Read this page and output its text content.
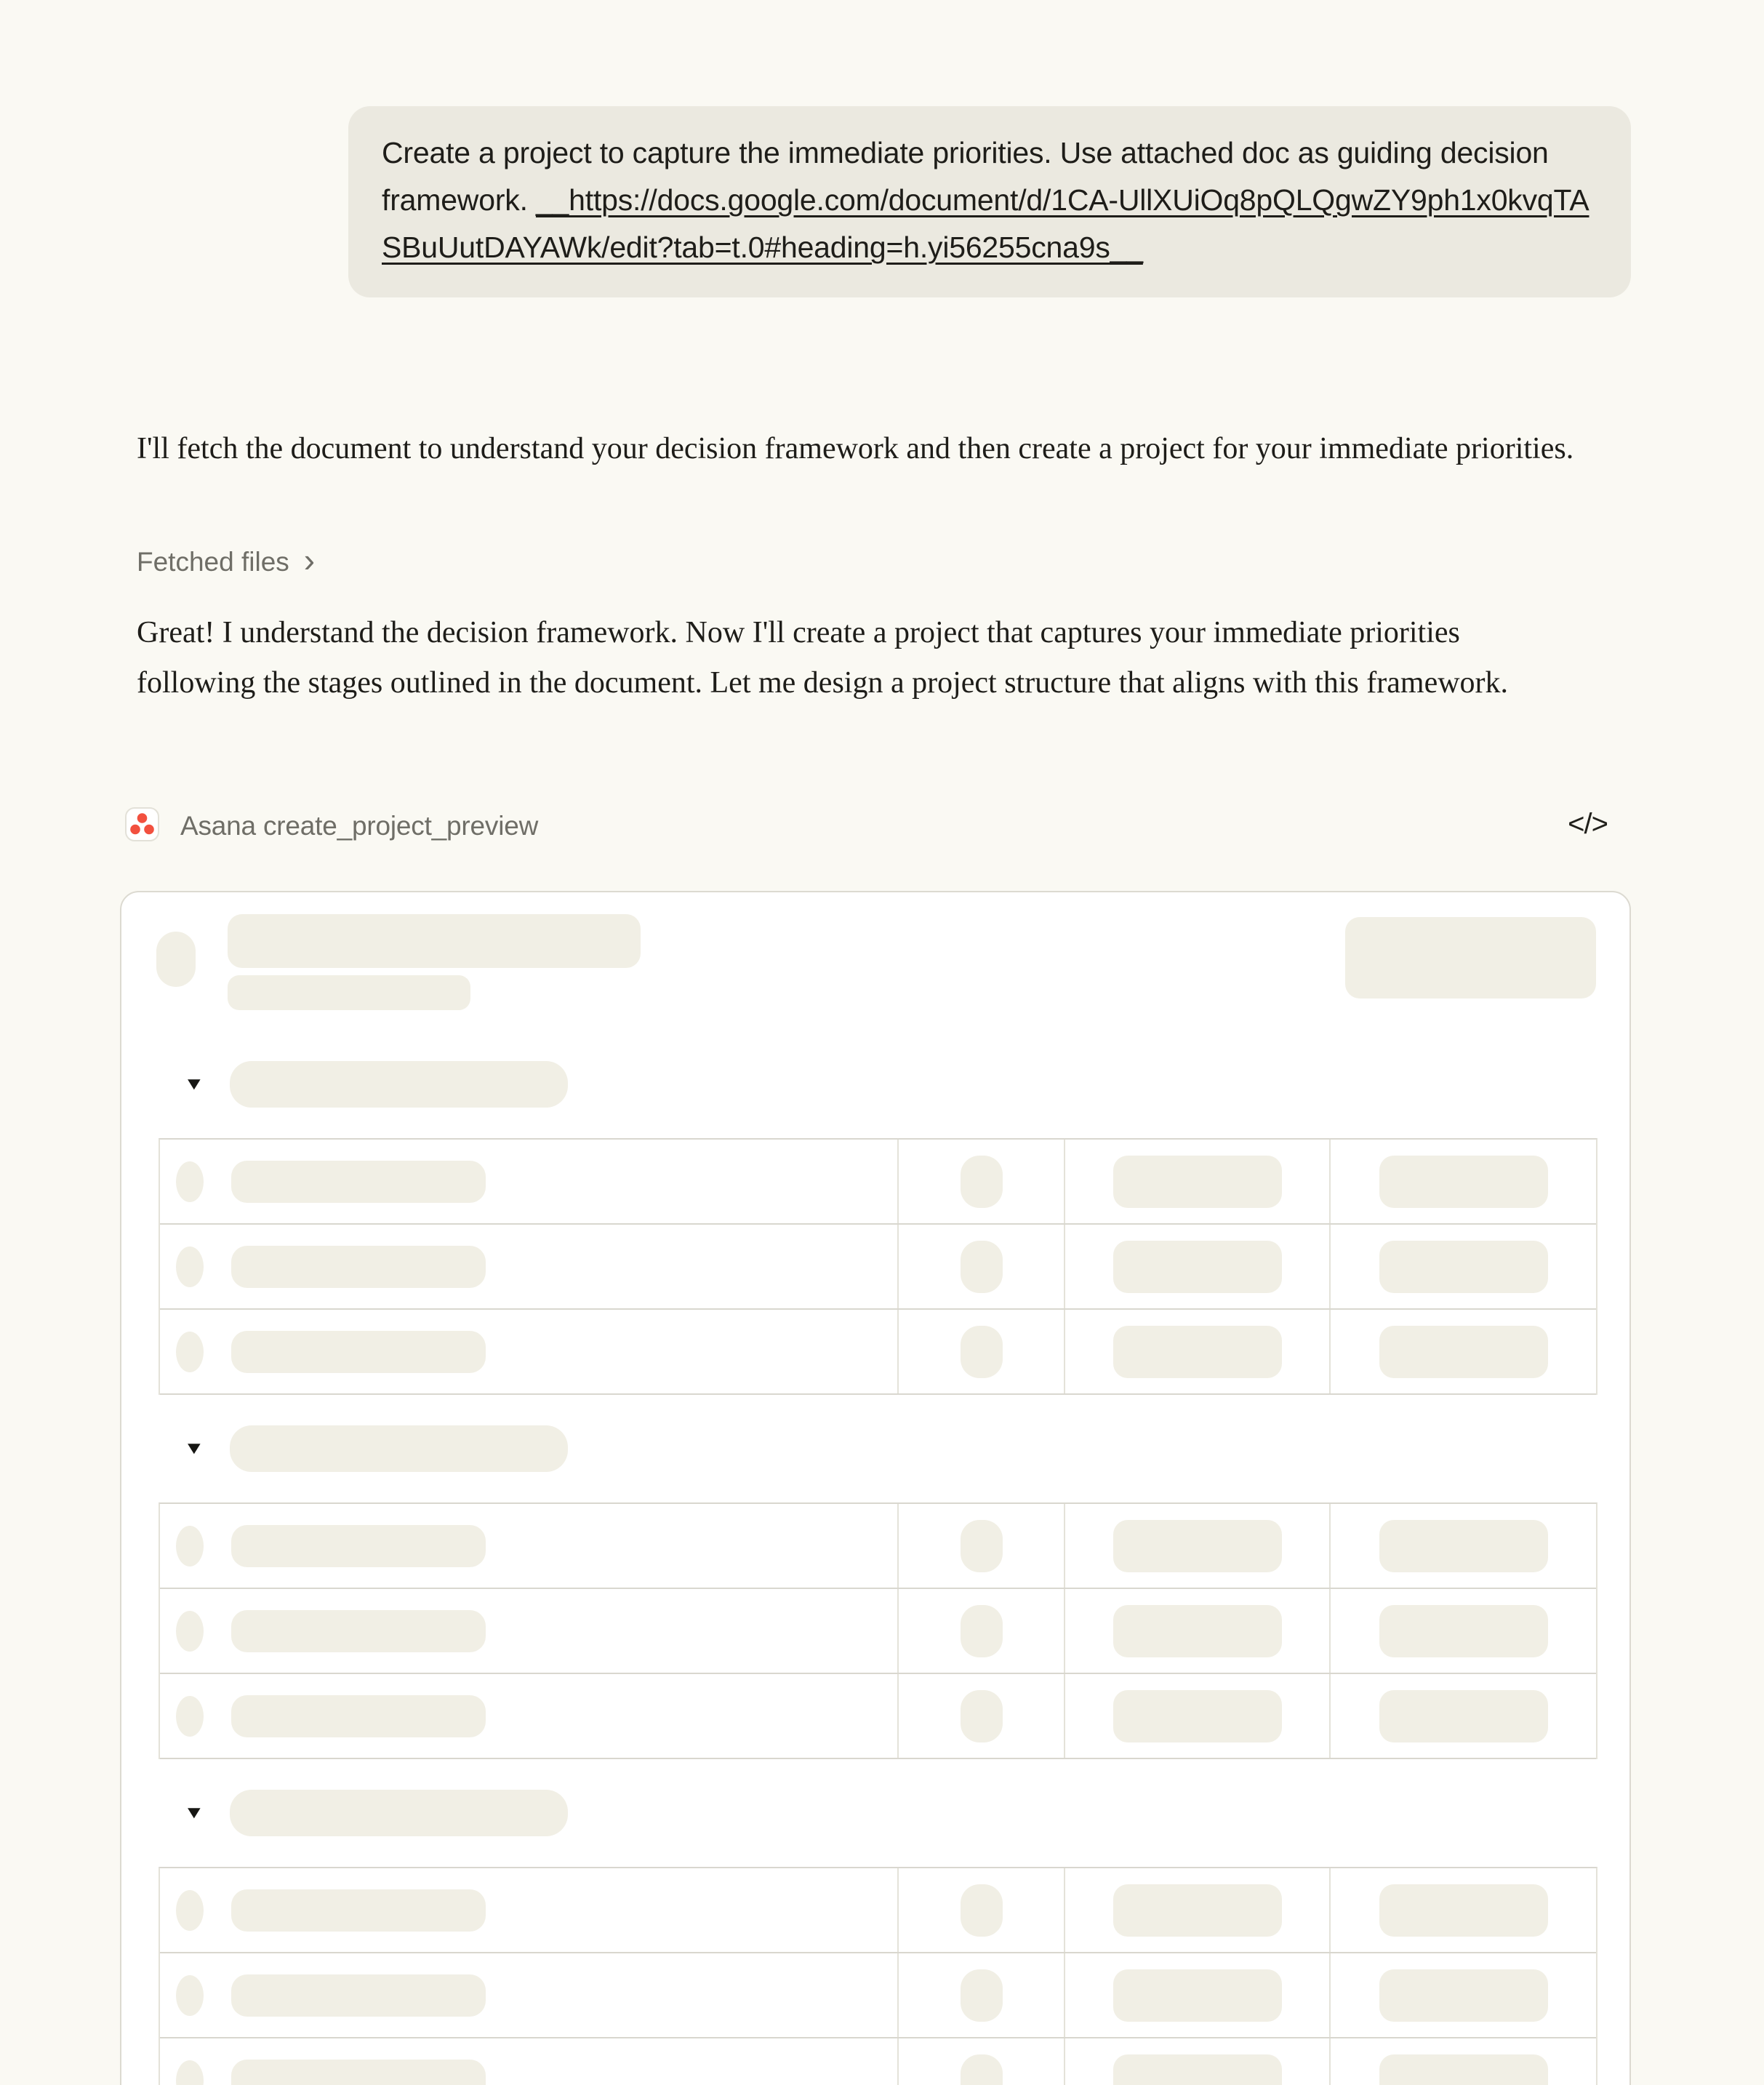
Create a project to capture the immediate priorities. Use attached doc as guiding decision framework. __https://docs.google.com/document/d/1CA-UllXUiOq8pQLQgwZY9ph1x0kvqTASBuUutDAYAWk/edit?tab=t.0#heading=h.yi56255cna9s__

I'll fetch the document to understand your decision framework and then create a project for your immediate priorities.

Fetched files ›

Great! I understand the decision framework. Now I'll create a project that captures your immediate priorities following the stages outlined in the document. Let me design a project structure that aligns with this framework.

Asana create_project_preview	</>
▼
▼
▼
